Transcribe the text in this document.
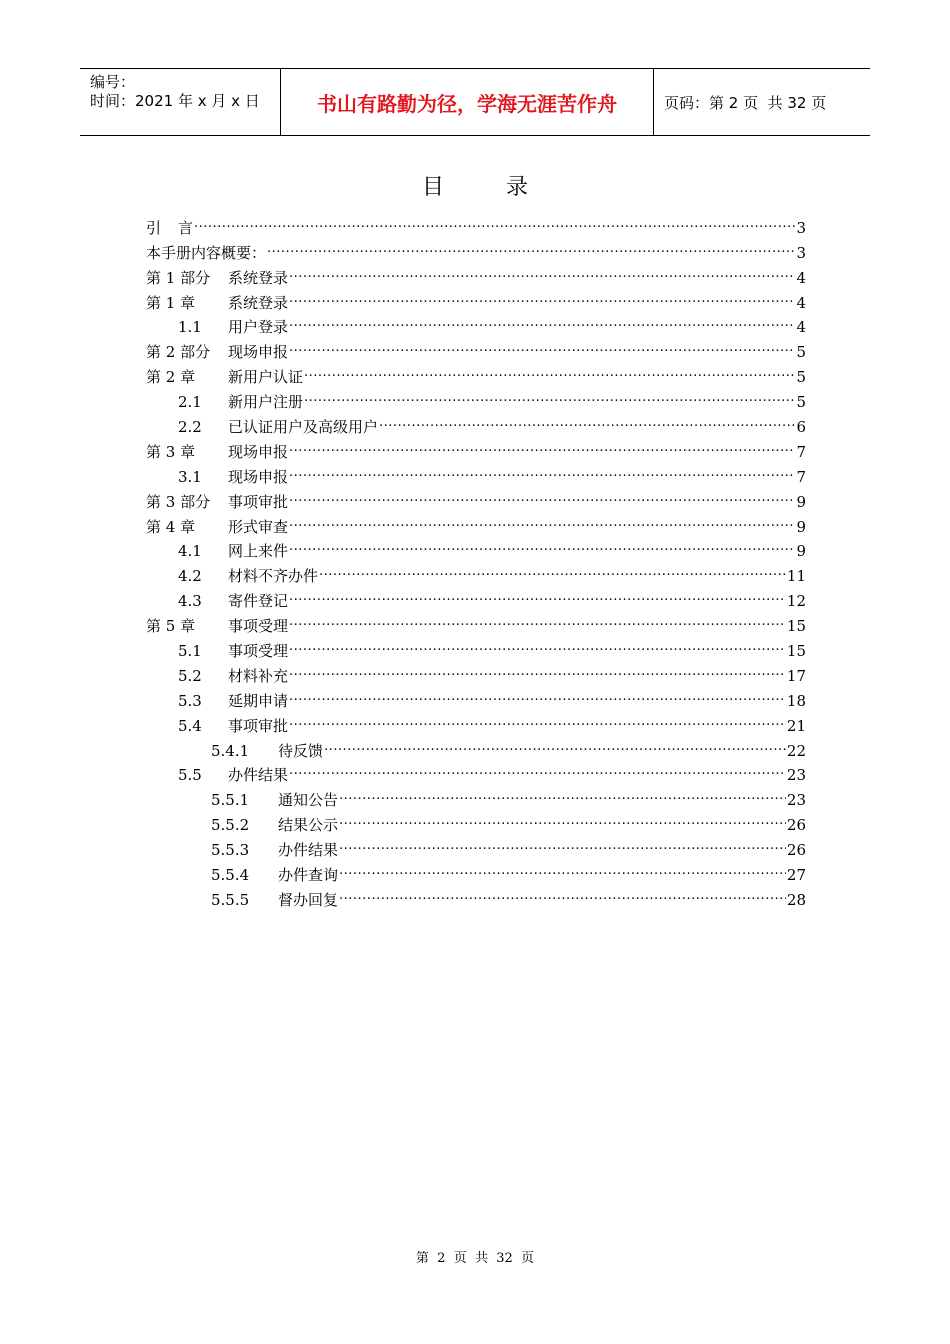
编号：
时间：2021 年 x 月 x 日	书山有路勤为径，学海无涯苦作舟	页码：第 2 页  共 32 页
目	录
引	言 .....	3
本手册内容概要： .....	3
第 1 部分	系统登录 .....	4
第 1 章	系统登录 .....	4
1.1	用户登录 .....	4
第 2 部分	现场申报 .....	5
第 2 章	新用户认证 .....	5
2.1	新用户注册 .....	5
2.2	已认证用户及高级用户 .....	6
第 3 章	现场申报 .....	7
3.1	现场申报 .....	7
第 3 部分	事项审批 .....	9
第 4 章	形式审查 .....	9
4.1	网上来件 .....	9
4.2	材料不齐办件 .....	11
4.3	寄件登记 .....	12
第 5 章	事项受理 .....	15
5.1	事项受理 .....	15
5.2	材料补充 .....	17
5.3	延期申请 .....	18
5.4	事项审批 .....	21
5.4.1	待反馈 .....	22
5.5	办件结果 .....	23
5.5.1	通知公告 .....	23
5.5.2	结果公示 .....	26
5.5.3	办件结果 .....	26
5.5.4	办件查询 .....	27
5.5.5	督办回复 .....	28
第  2  页  共  32  页
